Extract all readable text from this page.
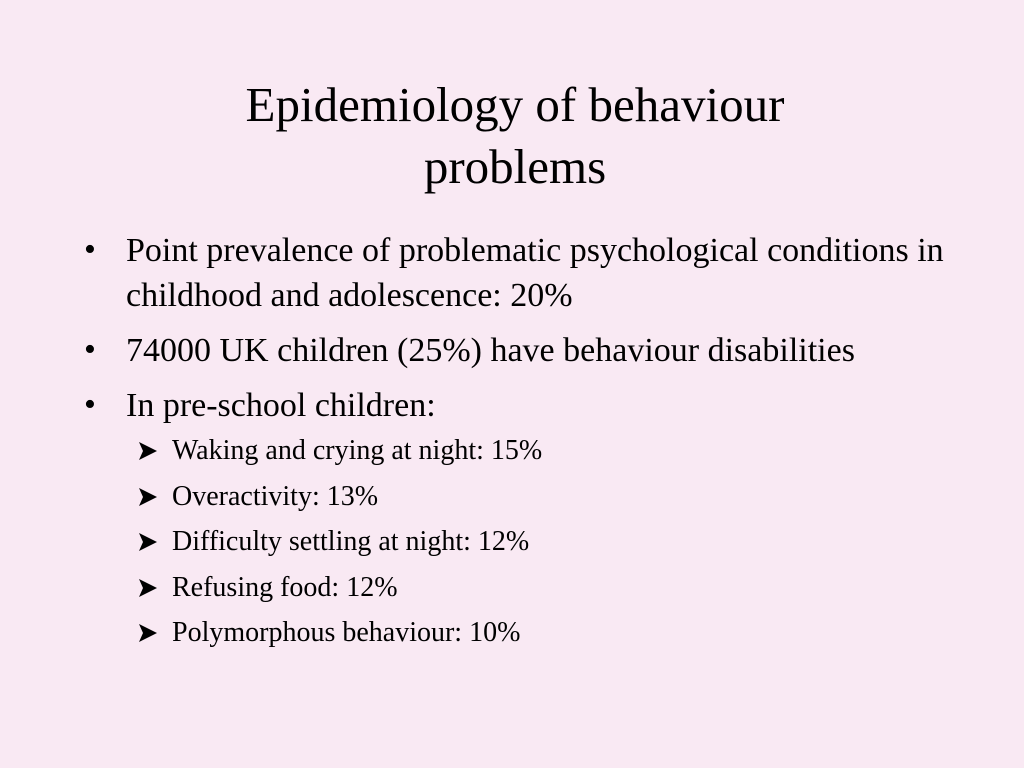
Epidemiology of behaviour
problems
• Point prevalence of problematic psychological conditions in childhood and adolescence: 20%
• 74000 UK children (25%) have behaviour disabilities
• In pre-school children:
Waking and crying at night: 15%
Overactivity: 13%
Difficulty settling at night: 12%
Refusing food: 12%
Polymorphous behaviour: 10%
